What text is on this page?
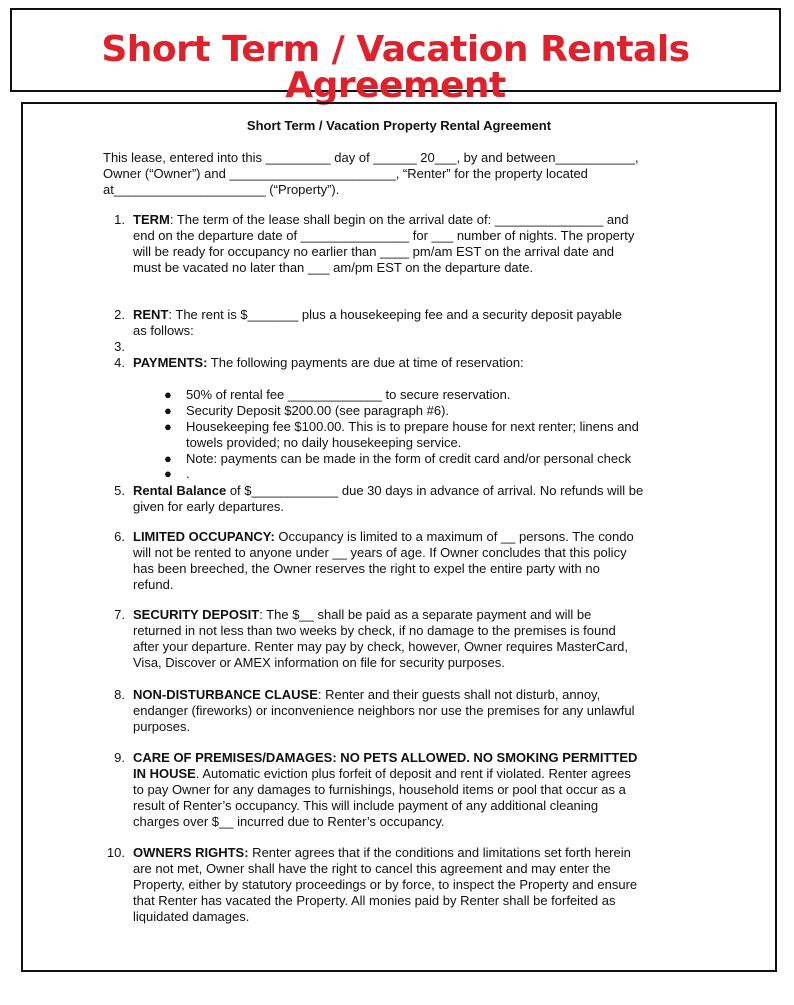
Short Term / Vacation Rentals Agreement
Short Term / Vacation Property Rental Agreement
This lease, entered into this _________ day of ______ 20___, by and between___________,
Owner (“Owner”) and _______________________, “Renter” for the property located
at_____________________ (“Property”).
1. TERM: The term of the lease shall begin on the arrival date of: _______________ and
end on the departure date of _______________ for ___ number of nights. The property
will be ready for occupancy no earlier than ____ pm/am EST on the arrival date and
must be vacated no later than ___ am/pm EST on the departure date.
2. RENT: The rent is $_______ plus a housekeeping fee and a security deposit payable
as follows:
3.
4. PAYMENTS: The following payments are due at time of reservation:
● 50% of rental fee _____________ to secure reservation.
● Security Deposit $200.00 (see paragraph #6).
● Housekeeping fee $100.00. This is to prepare house for next renter; linens and
towels provided; no daily housekeeping service.
● Note: payments can be made in the form of credit card and/or personal check
● .
5. Rental Balance of $____________ due 30 days in advance of arrival. No refunds will be
given for early departures.
6. LIMITED OCCUPANCY: Occupancy is limited to a maximum of __ persons. The condo
will not be rented to anyone under __ years of age. If Owner concludes that this policy
has been breeched, the Owner reserves the right to expel the entire party with no
refund.
7. SECURITY DEPOSIT: The $__ shall be paid as a separate payment and will be
returned in not less than two weeks by check, if no damage to the premises is found
after your departure. Renter may pay by check, however, Owner requires MasterCard,
Visa, Discover or AMEX information on file for security purposes.
8. NON-DISTURBANCE CLAUSE: Renter and their guests shall not disturb, annoy,
endanger (fireworks) or inconvenience neighbors nor use the premises for any unlawful
purposes.
9. CARE OF PREMISES/DAMAGES: NO PETS ALLOWED. NO SMOKING PERMITTED
IN HOUSE. Automatic eviction plus forfeit of deposit and rent if violated. Renter agrees
to pay Owner for any damages to furnishings, household items or pool that occur as a
result of Renter’s occupancy. This will include payment of any additional cleaning
charges over $__ incurred due to Renter’s occupancy.
10. OWNERS RIGHTS: Renter agrees that if the conditions and limitations set forth herein
are not met, Owner shall have the right to cancel this agreement and may enter the
Property, either by statutory proceedings or by force, to inspect the Property and ensure
that Renter has vacated the Property. All monies paid by Renter shall be forfeited as
liquidated damages.
